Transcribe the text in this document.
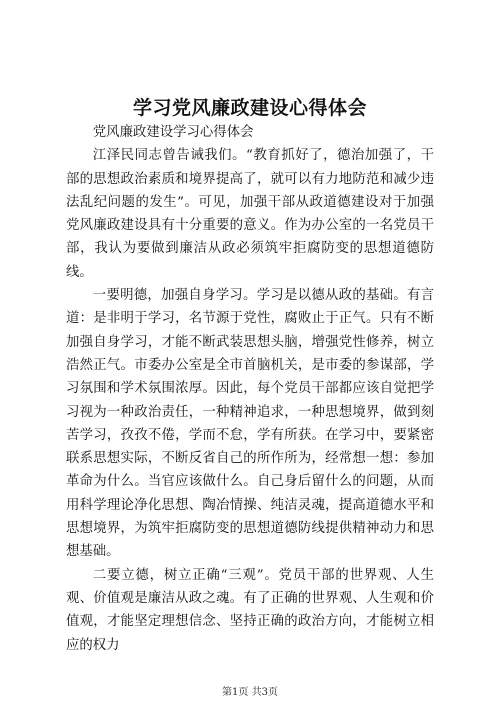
学习党风廉政建设心得体会

党风廉政建设学习心得体会

江泽民同志曾告诫我们。“教育抓好了，德治加强了，干部的思想政治素质和境界提高了，就可以有力地防范和减少违法乱纪问题的发生”。可见，加强干部从政道德建设对于加强党风廉政建设具有十分重要的意义。作为办公室的一名党员干部，我认为要做到廉洁从政必须筑牢拒腐防变的思想道德防线。

一要明德，加强自身学习。学习是以德从政的基础。有言道：是非明于学习，名节源于党性，腐败止于正气。只有不断加强自身学习，才能不断武装思想头脑，增强党性修养，树立浩然正气。市委办公室是全市首脑机关，是市委的参谋部，学习氛围和学术氛围浓厚。因此，每个党员干部都应该自觉把学习视为一种政治责任，一种精神追求，一种思想境界，做到刻苦学习，孜孜不倦，学而不怠，学有所获。在学习中，要紧密联系思想实际，不断反省自己的所作所为，经常想一想：参加革命为什么。当官应该做什么。自己身后留什么的问题，从而用科学理论净化思想、陶冶情操、纯洁灵魂，提高道德水平和思想境界，为筑牢拒腐防变的思想道德防线提供精神动力和思想基础。

二要立德，树立正确“三观”。党员干部的世界观、人生观、价值观是廉洁从政之魂。有了正确的世界观、人生观和价值观，才能坚定理想信念、坚持正确的政治方向，才能树立相应的权力

第1页 共3页
